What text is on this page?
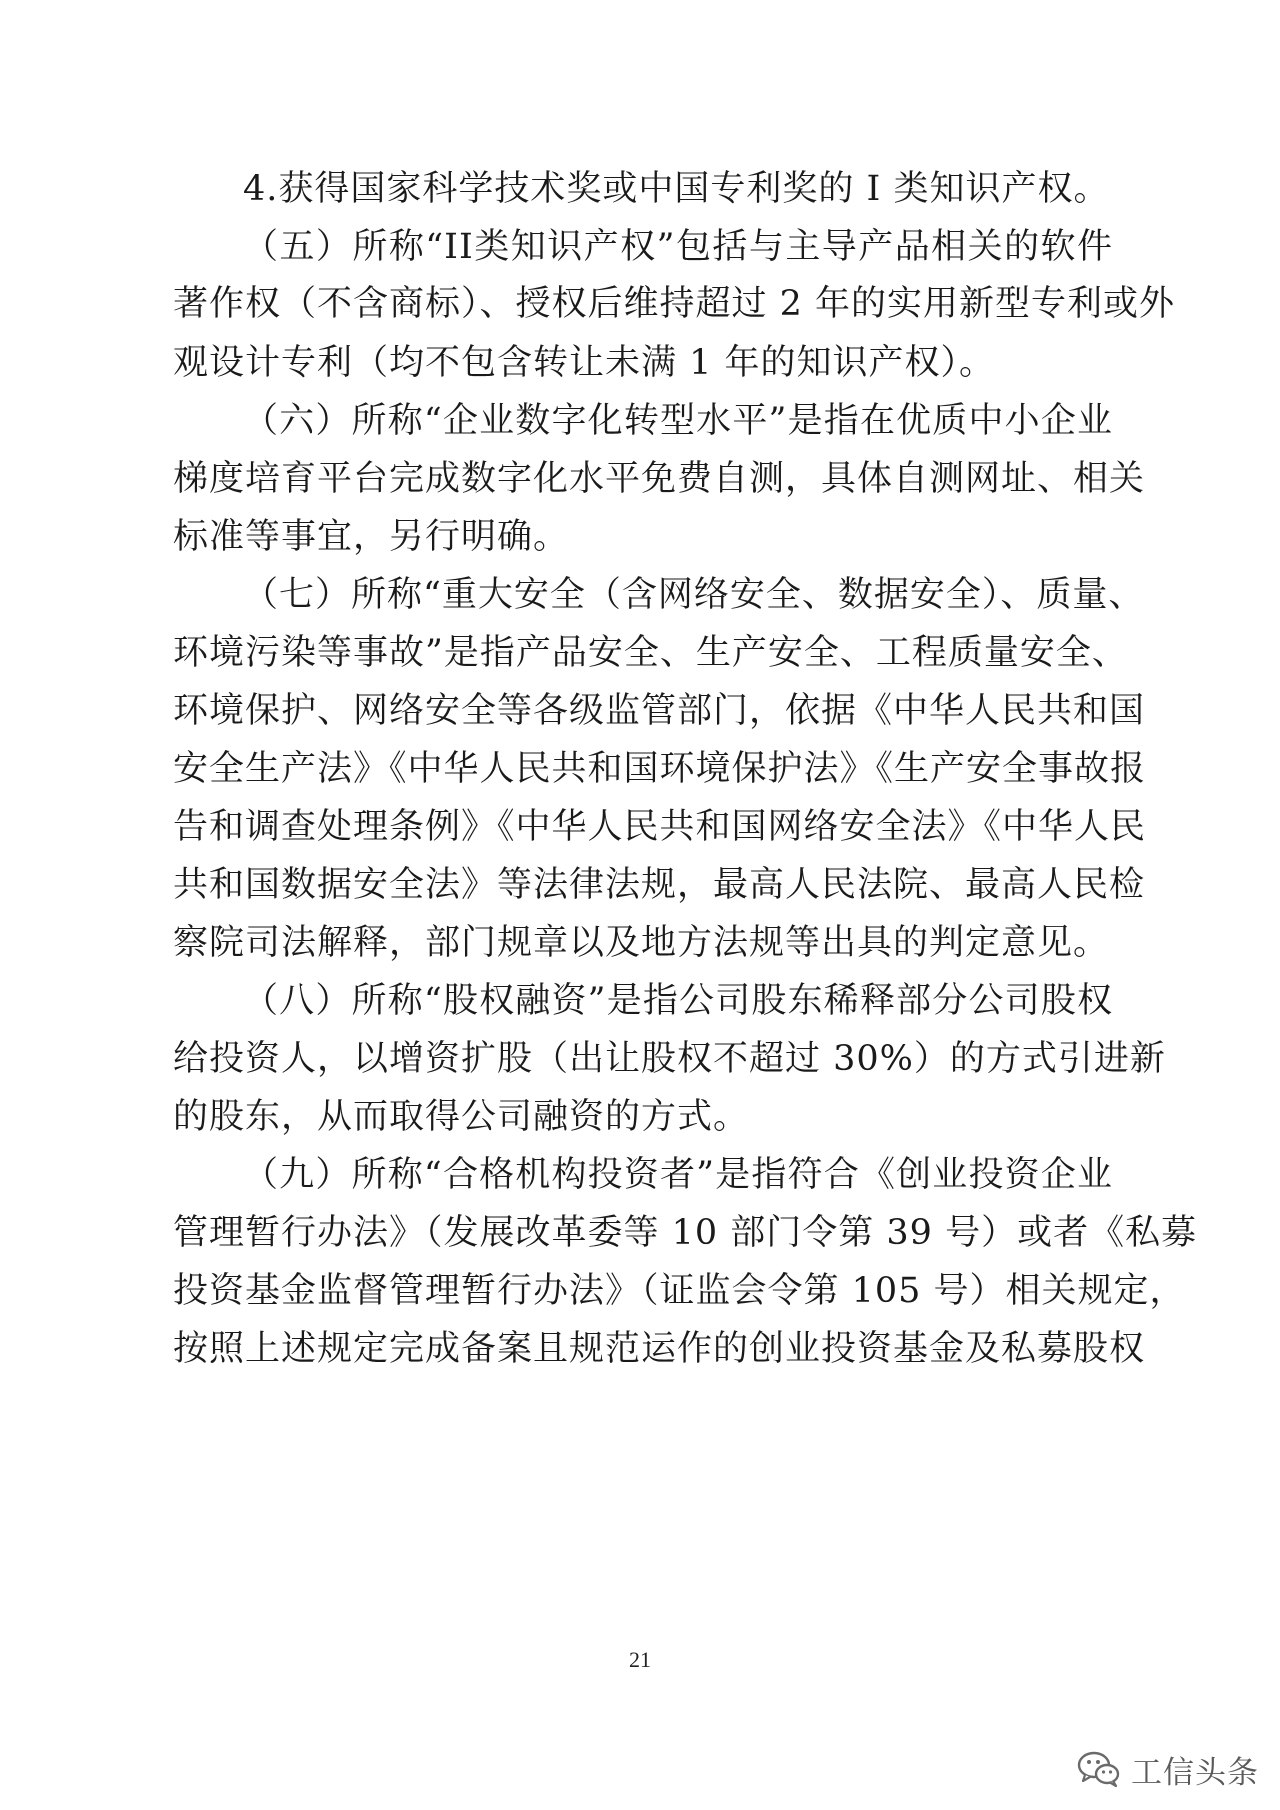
4.获得国家科学技术奖或中国专利奖的 I 类知识产权。
（五）所称“II类知识产权”包括与主导产品相关的软件
著作权（不含商标）、授权后维持超过 2 年的实用新型专利或外
观设计专利（均不包含转让未满 1 年的知识产权）。
（六）所称“企业数字化转型水平”是指在优质中小企业
梯度培育平台完成数字化水平免费自测，具体自测网址、相关
标准等事宜，另行明确。
（七）所称“重大安全（含网络安全、数据安全）、质量、
环境污染等事故”是指产品安全、生产安全、工程质量安全、
环境保护、网络安全等各级监管部门，依据《中华人民共和国
安全生产法》《中华人民共和国环境保护法》《生产安全事故报
告和调查处理条例》《中华人民共和国网络安全法》《中华人民
共和国数据安全法》等法律法规，最高人民法院、最高人民检
察院司法解释，部门规章以及地方法规等出具的判定意见。
（八）所称“股权融资”是指公司股东稀释部分公司股权
给投资人，以增资扩股（出让股权不超过 30%）的方式引进新
的股东，从而取得公司融资的方式。
（九）所称“合格机构投资者”是指符合《创业投资企业
管理暂行办法》（发展改革委等 10 部门令第 39 号）或者《私募
投资基金监督管理暂行办法》（证监会令第 105 号）相关规定，
按照上述规定完成备案且规范运作的创业投资基金及私募股权
21
工信头条
